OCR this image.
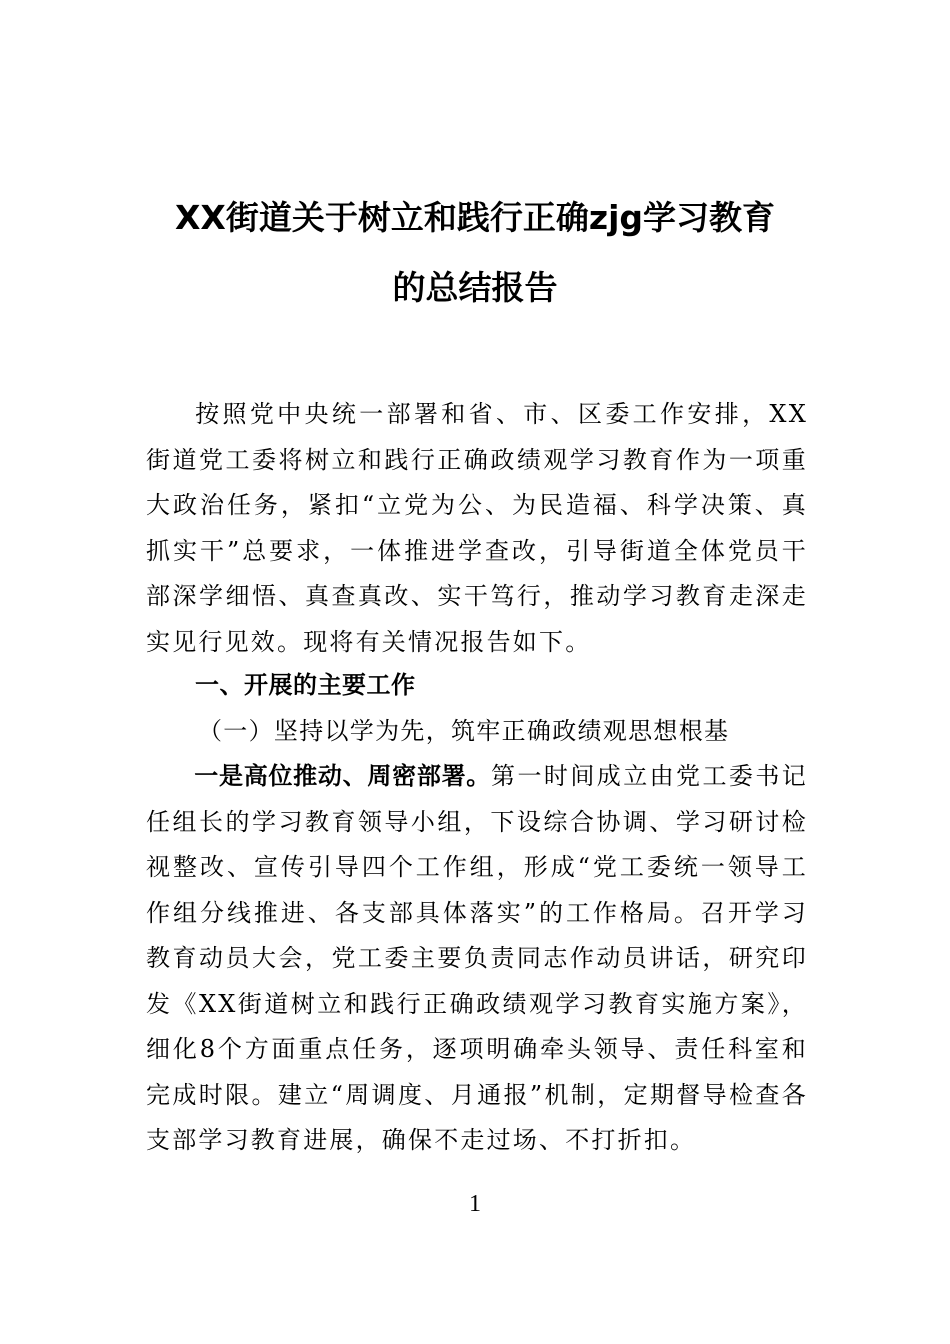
XX街道关于树立和践行正确zjg学习教育
的总结报告
按照党中央统一部署和省、市、区委工作安排，XX街道党工委将树立和践行正确政绩观学习教育作为一项重大政治任务，紧扣“立党为公、为民造福、科学决策、真抓实干”总要求，一体推进学查改，引导街道全体党员干部深学细悟、真查真改、实干笃行，推动学习教育走深走实见行见效。现将有关情况报告如下。
一、开展的主要工作
（一）坚持以学为先，筑牢正确政绩观思想根基
一是高位推动、周密部署。第一时间成立由党工委书记任组长的学习教育领导小组，下设综合协调、学习研讨检视整改、宣传引导四个工作组，形成“党工委统一领导工作组分线推进、各支部具体落实”的工作格局。召开学习教育动员大会，党工委主要负责同志作动员讲话，研究印发《XX街道树立和践行正确政绩观学习教育实施方案》，细化8个方面重点任务，逐项明确牵头领导、责任科室和完成时限。建立“周调度、月通报”机制，定期督导检查各支部学习教育进展，确保不走过场、不打折扣。
1
